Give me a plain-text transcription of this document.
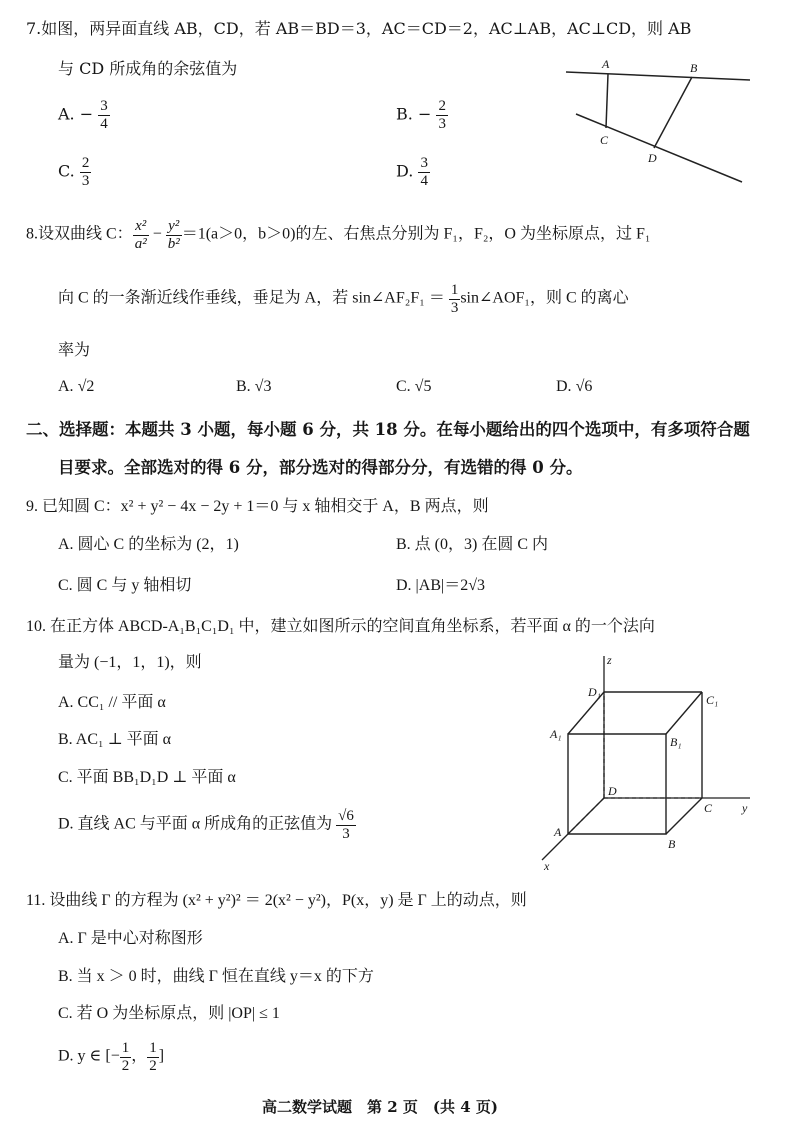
7.如图，两异面直线 AB，CD，若 AB＝BD＝3，AC＝CD＝2，AC⊥AB，AC⊥CD，则 AB
与 CD 所成角的余弦值为
A. − $\frac{3}{4}$	B. − $\frac{2}{3}$
C. $\frac{2}{3}$	D. $\frac{3}{4}$
A	B
C
D
8.设双曲线 C： $\frac{\text{x²}}{\text{a²}} - \frac{\text{y²}}{\text{b²}} =1(a>0$，b＞0)的左、右焦点分别为 F₁，F₂，O 为坐标原点，过 F₁
向 C 的一条渐近线作垂线，垂足为 A，若 sin∠AF₂F₁ ＝ $\frac{1}{3}$ sin∠AOF₁，则 C 的离心
率为
A. √2	B. √3	C. √5	D. √6
二、选择题：本题共 3 小题，每小题 6 分，共 18 分。在每小题给出的四个选项中，有多项符合题
目要求。全部选对的得 6 分，部分选对的得部分分，有选错的得 0 分。
9. 已知圆 C：x² + y² − 4x − 2y + 1＝0 与 x 轴相交于 A，B 两点，则
A. 圆心 C 的坐标为 (2，1)	B. 点 (0，3) 在圆 C 内
C. 圆 C 与 y 轴相切	D. |AB|＝2√3
10. 在正方体 ABCD-A₁B₁C₁D₁ 中，建立如图所示的空间直角坐标系，若平面 α 的一个法向
量为 (−1，1，1)，则
A. CC₁ // 平面 α
B. AC₁ ⊥ 平面 α
C. 平面 BB₁D₁D ⊥ 平面 α
D. 直线 AC 与平面 α 所成角的正弦值为 $\frac{√6}{3}$
z
y
x
D₁
C₁
A₁
B₁
D
C
A
B
11. 设曲线 Γ 的方程为 (x² + y²)² ＝ 2(x² − y²)，P(x，y) 是 Γ 上的动点，则
A. Γ 是中心对称图形
B. 当 x ＞ 0 时，曲线 Γ 恒在直线 y＝x 的下方
C. 若 O 为坐标原点，则 |OP| ≤ 1
D. y ∈ [− $\frac{1}{2}$ ， $\frac{1}{2}$ ]
高二数学试题　第 2 页　(共 4 页)
